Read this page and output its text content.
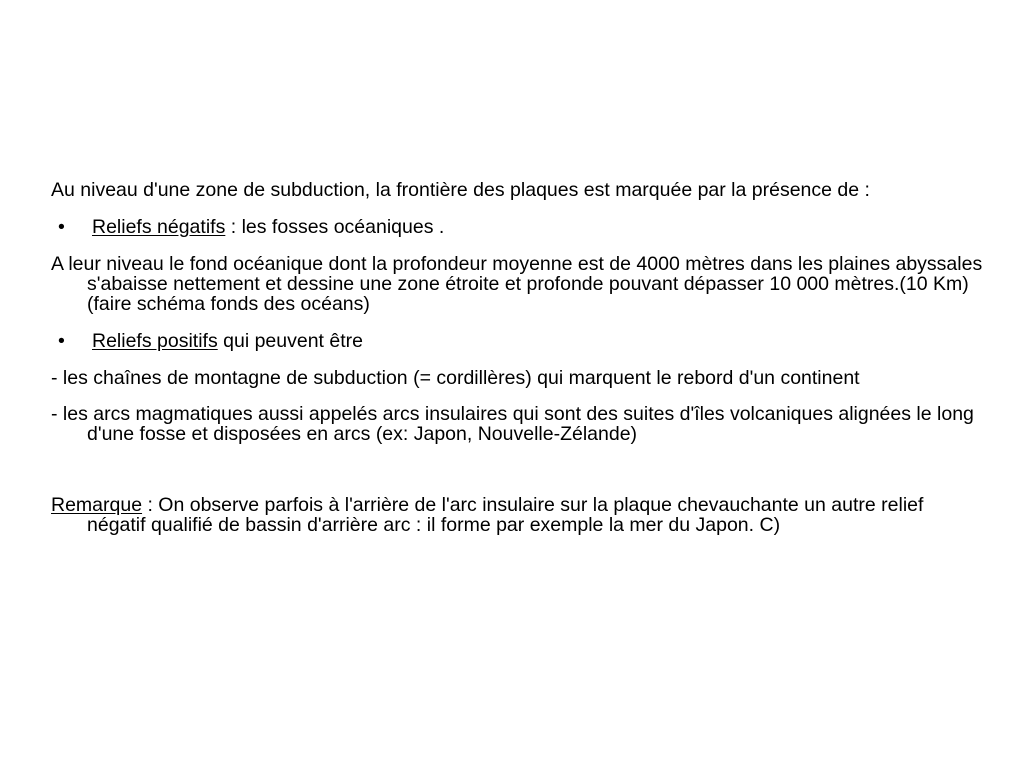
Au niveau d'une zone de subduction, la frontière des plaques est marquée par la présence de :

• Reliefs négatifs : les fosses océaniques .

A leur niveau le fond océanique dont la profondeur moyenne est de 4000 mètres dans les plaines abyssales s'abaisse nettement et dessine une zone étroite et profonde pouvant dépasser 10 000 mètres.(10 Km) (faire schéma fonds des océans)

• Reliefs positifs qui peuvent être

- les chaînes de montagne de subduction (= cordillères) qui marquent le rebord d'un continent

- les arcs magmatiques aussi appelés arcs insulaires qui sont des suites d'îles volcaniques alignées le long d'une fosse et disposées en arcs (ex: Japon, Nouvelle-Zélande)

Remarque : On observe parfois à l'arrière de l'arc insulaire sur la plaque chevauchante un autre relief négatif qualifié de bassin d'arrière arc : il forme par exemple la mer du Japon. C)
